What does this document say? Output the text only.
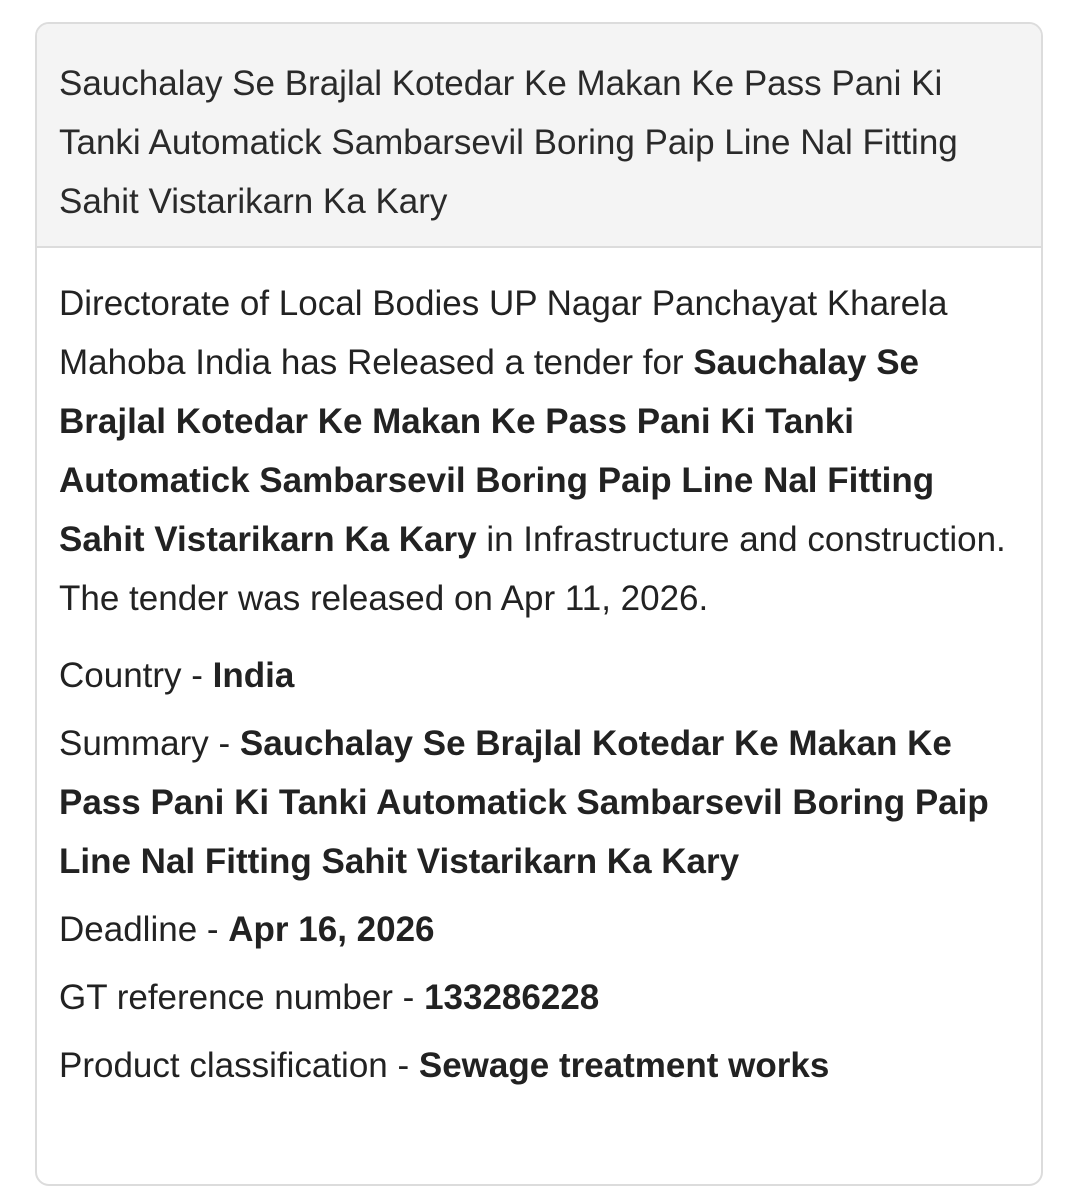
Sauchalay Se Brajlal Kotedar Ke Makan Ke Pass Pani Ki Tanki Automatick Sambarsevil Boring Paip Line Nal Fitting Sahit Vistarikarn Ka Kary

Directorate of Local Bodies UP Nagar Panchayat Kharela Mahoba India has Released a tender for Sauchalay Se Brajlal Kotedar Ke Makan Ke Pass Pani Ki Tanki Automatick Sambarsevil Boring Paip Line Nal Fitting Sahit Vistarikarn Ka Kary in Infrastructure and construction. The tender was released on Apr 11, 2026.

Country - India

Summary - Sauchalay Se Brajlal Kotedar Ke Makan Ke Pass Pani Ki Tanki Automatick Sambarsevil Boring Paip Line Nal Fitting Sahit Vistarikarn Ka Kary

Deadline - Apr 16, 2026

GT reference number - 133286228

Product classification - Sewage treatment works
